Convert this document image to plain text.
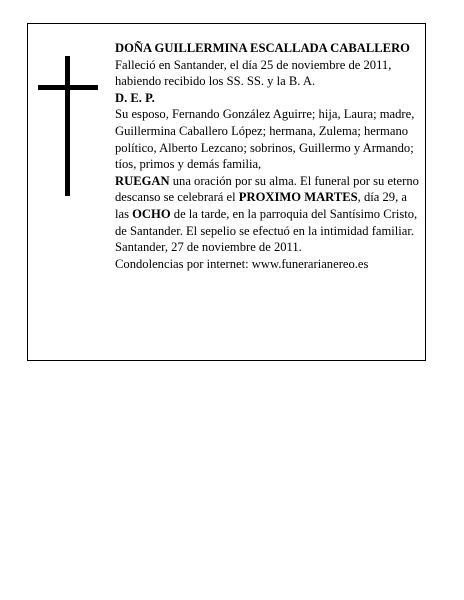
DOÑA GUILLERMINA ESCALLADA CABALLERO

Falleció en Santander, el día 25 de noviembre de 2011, habiendo recibido los SS. SS. y la B. A.

D. E. P.

Su esposo, Fernando González Aguirre; hija, Laura; madre, Guillermina Caballero López; hermana, Zulema; hermano político, Alberto Lezcano; sobrinos, Guillermo y Armando; tíos, primos y demás familia,

RUEGAN una oración por su alma. El funeral por su eterno descanso se celebrará el PROXIMO MARTES, día 29, a las OCHO de la tarde, en la parroquia del Santísimo Cristo, de Santander. El sepelio se efectuó en la intimidad familiar.

Santander, 27 de noviembre de 2011.

Condolencias por internet: www.funerarianereo.es
